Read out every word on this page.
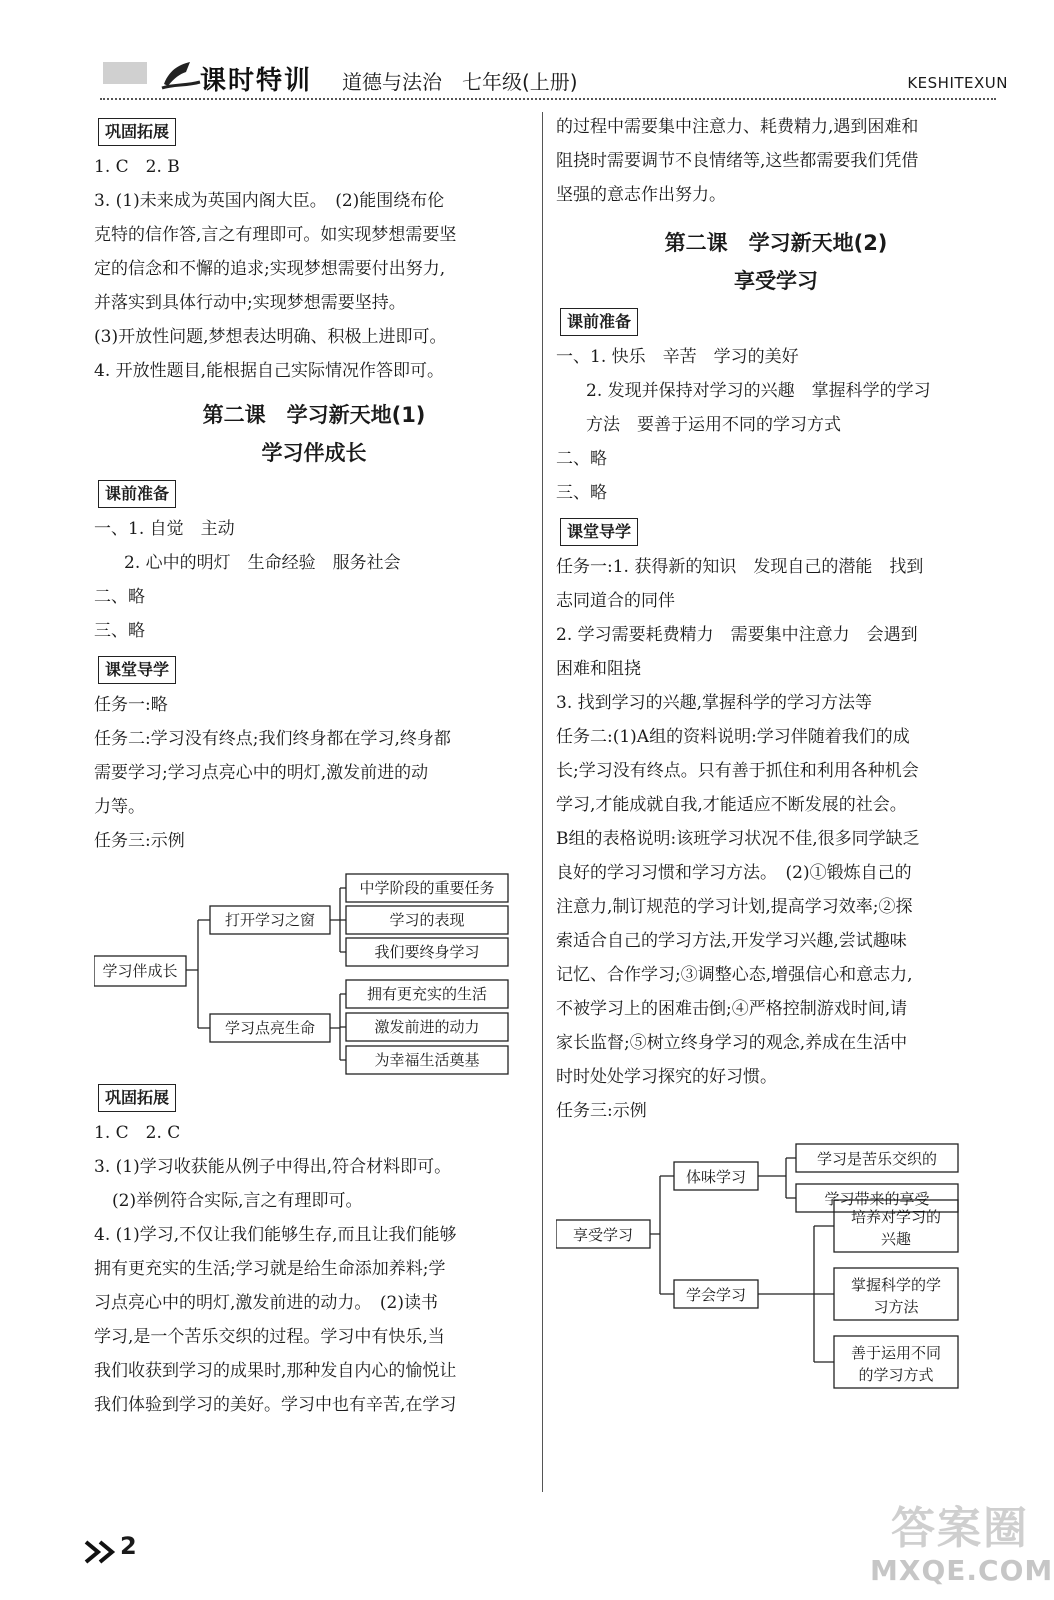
课时特训 道德与法治 七年级(上册)	KESHITEXUN
巩固拓展
1. C　2. B
3. (1)未来成为英国内阁大臣。　(2)能围绕布伦
克特的信作答,言之有理即可。如实现梦想需要坚
定的信念和不懈的追求;实现梦想需要付出努力,
并落实到具体行动中;实现梦想需要坚持。
(3)开放性问题,梦想表达明确、积极上进即可。
4. 开放性题目,能根据自己实际情况作答即可。
第二课　学习新天地(1)
学习伴成长
课前准备
一、1. 自觉　主动
2. 心中的明灯　生命经验　服务社会
二、略
三、略
课堂导学
任务一:略
任务二:学习没有终点;我们终身都在学习,终身都
需要学习;学习点亮心中的明灯,激发前进的动
力等。
任务三:示例
学习伴成长
打开学习之窗
学习点亮生命
中学阶段的重要任务
学习的表现
我们要终身学习
拥有更充实的生活
激发前进的动力
为幸福生活奠基
巩固拓展
1. C　2. C
3. (1)学习收获能从例子中得出,符合材料即可。
(2)举例符合实际,言之有理即可。
4. (1)学习,不仅让我们能够生存,而且让我们能够
拥有更充实的生活;学习就是给生命添加养料;学
习点亮心中的明灯,激发前进的动力。　(2)读书
学习,是一个苦乐交织的过程。学习中有快乐,当
我们收获到学习的成果时,那种发自内心的愉悦让
我们体验到学习的美好。学习中也有辛苦,在学习
的过程中需要集中注意力、耗费精力,遇到困难和
阻挠时需要调节不良情绪等,这些都需要我们凭借
坚强的意志作出努力。
第二课　学习新天地(2)
享受学习
课前准备
一、1. 快乐　辛苦　学习的美好
2. 发现并保持对学习的兴趣　掌握科学的学习
方法　要善于运用不同的学习方式
二、略
三、略
课堂导学
任务一:1. 获得新的知识　发现自己的潜能　找到
志同道合的同伴
2. 学习需要耗费精力　需要集中注意力　会遇到
困难和阻挠
3. 找到学习的兴趣,掌握科学的学习方法等
任务二:(1)A组的资料说明:学习伴随着我们的成
长;学习没有终点。只有善于抓住和利用各种机会
学习,才能成就自我,才能适应不断发展的社会。
B组的表格说明:该班学习状况不佳,很多同学缺乏
良好的学习习惯和学习方法。　(2)①锻炼自己的
注意力,制订规范的学习计划,提高学习效率;②探
索适合自己的学习方法,开发学习兴趣,尝试趣味
记忆、合作学习;③调整心态,增强信心和意志力,
不被学习上的困难击倒;④严格控制游戏时间,请
家长监督;⑤树立终身学习的观念,养成在生活中
时时处处学习探究的好习惯。
任务三:示例
享受学习
体味学习
学会学习
学习是苦乐交织的
学习带来的享受
培养对学习的
兴趣
掌握科学的学
习方法
善于运用不同
的学习方式
2	答案圈
MXQE.COM
